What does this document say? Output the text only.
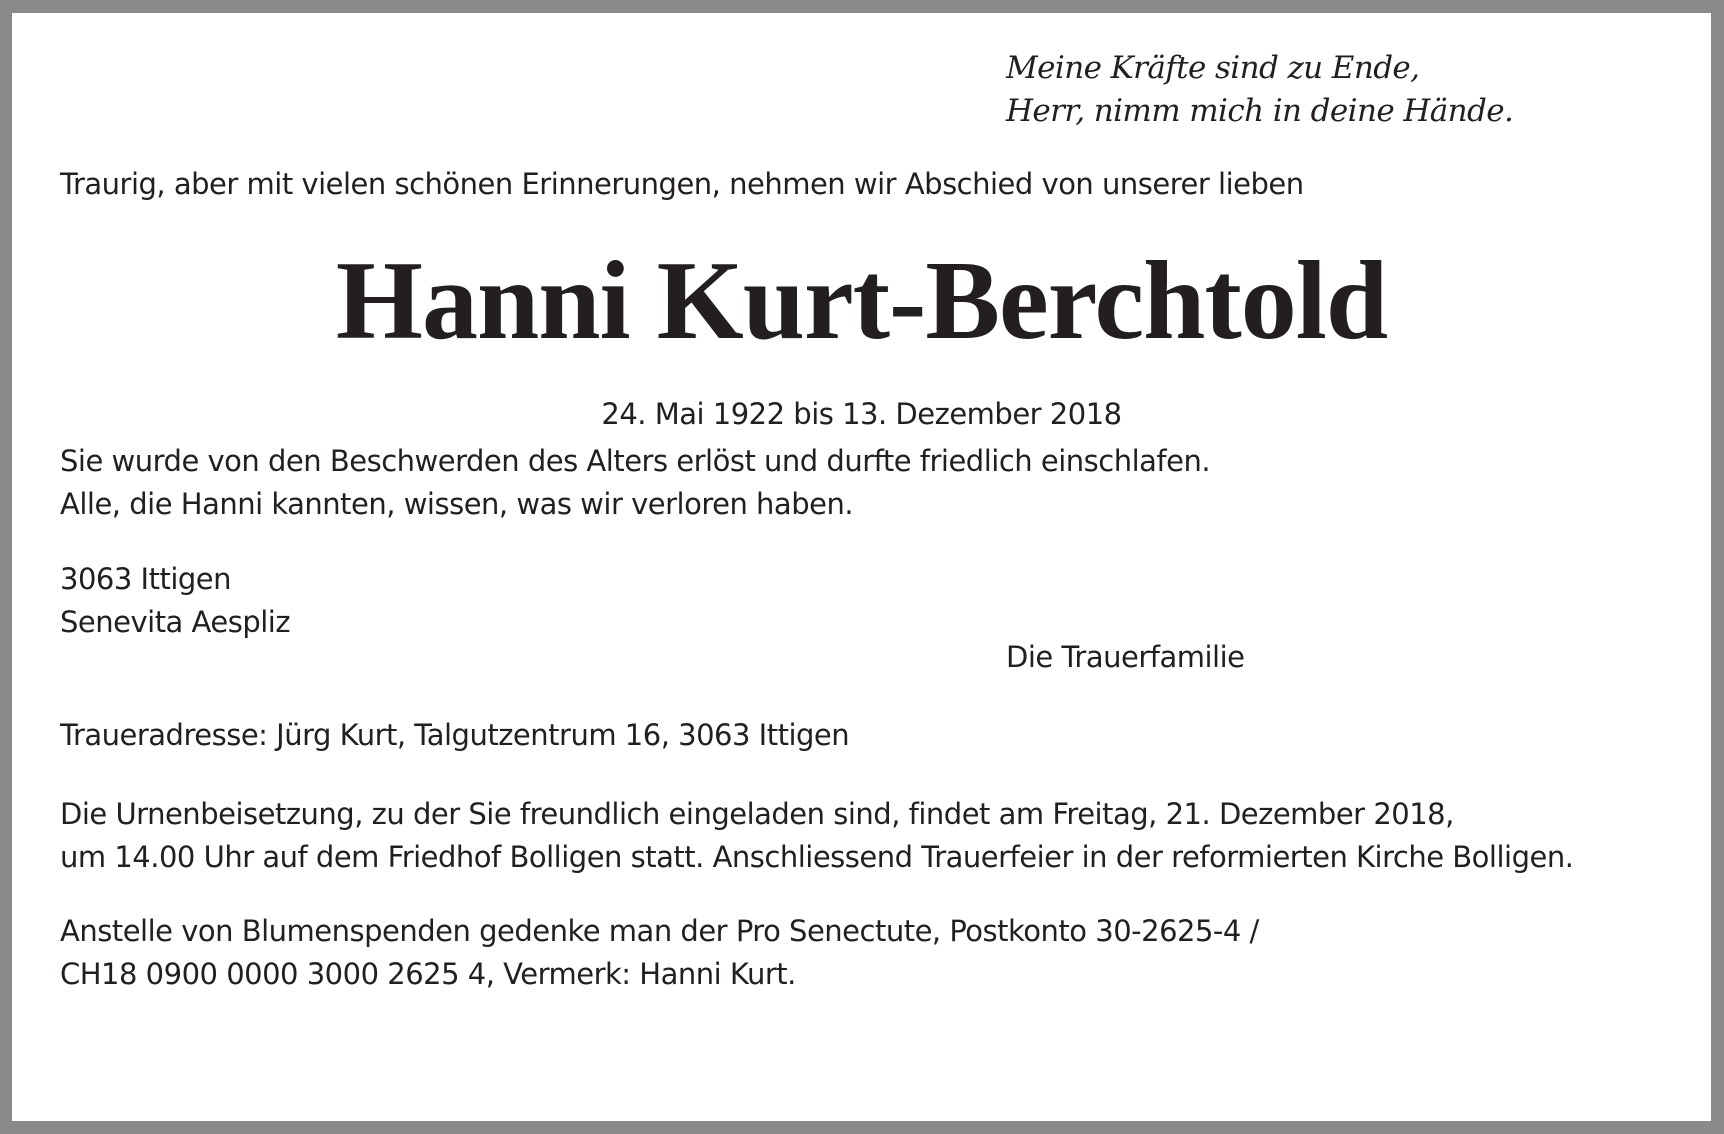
Meine Kräfte sind zu Ende,
Herr, nimm mich in deine Hände.

Traurig, aber mit vielen schönen Erinnerungen, nehmen wir Abschied von unserer lieben

Hanni Kurt-Berchtold

24. Mai 1922 bis 13. Dezember 2018

Sie wurde von den Beschwerden des Alters erlöst und durfte friedlich einschlafen.
Alle, die Hanni kannten, wissen, was wir verloren haben.
3063 Ittigen
Senevita Aespliz

Die Trauerfamilie

Traueradresse: Jürg Kurt, Talgutzentrum 16, 3063 Ittigen

Die Urnenbeisetzung, zu der Sie freundlich eingeladen sind, findet am Freitag, 21. Dezember 2018,
um 14.00 Uhr auf dem Friedhof Bolligen statt. Anschliessend Trauerfeier in der reformierten Kirche Bolligen.
Anstelle von Blumenspenden gedenke man der Pro Senectute, Postkonto 30-2625-4 /
CH18 0900 0000 3000 2625 4, Vermerk: Hanni Kurt.
